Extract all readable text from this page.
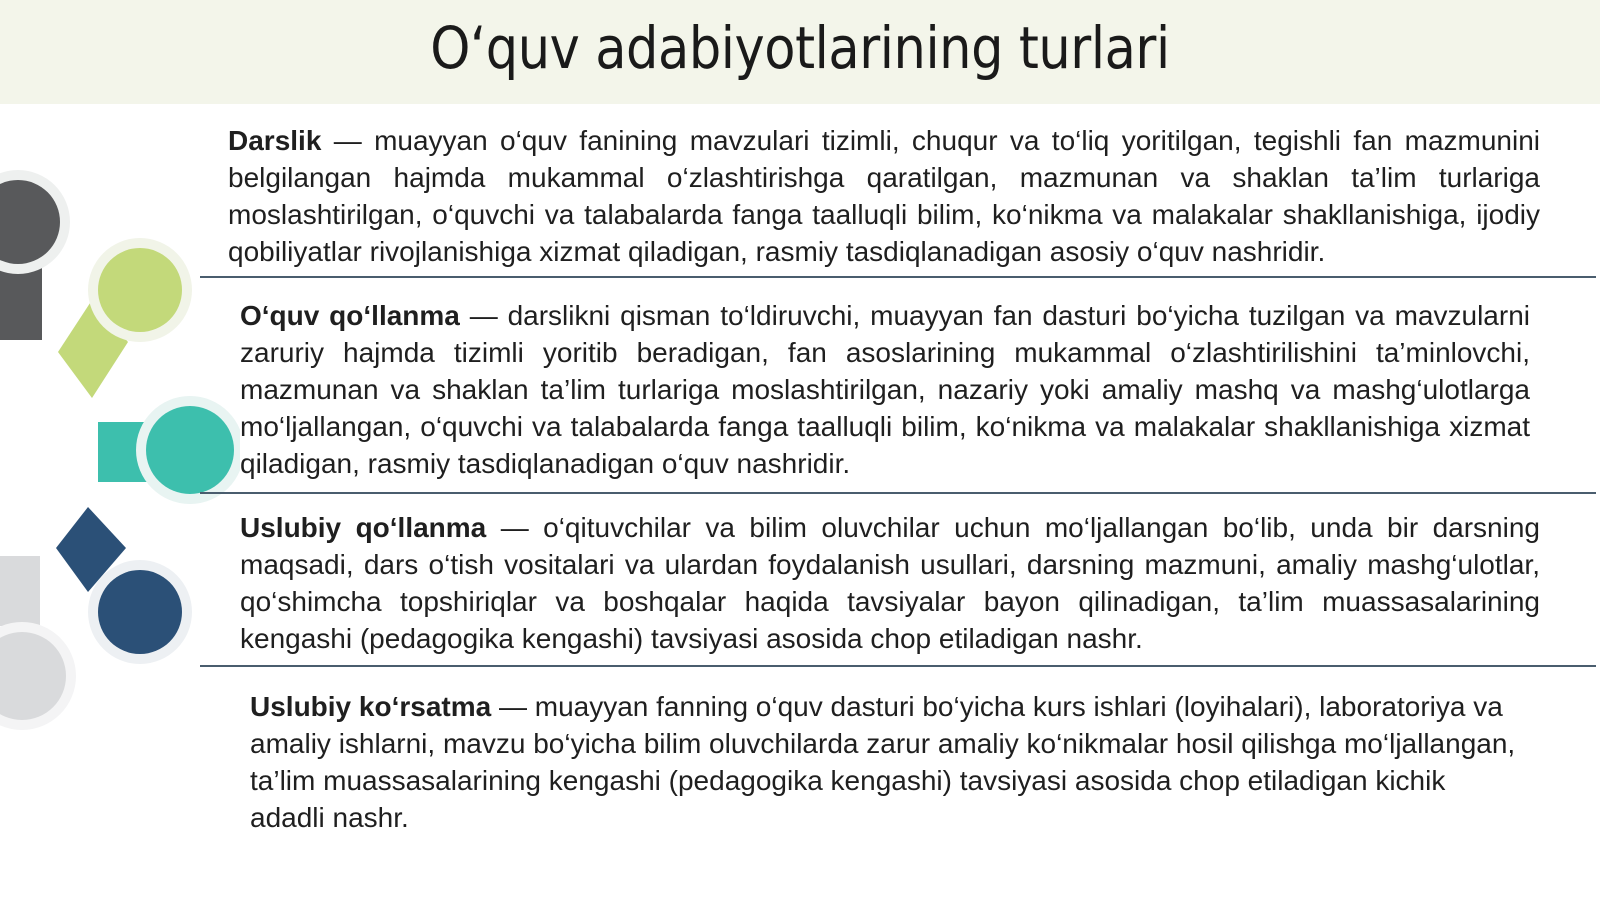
O‘quv adabiyotlarining turlari

Darslik — muayyan o‘quv fanining mavzulari tizimli, chuqur va to‘liq yoritilgan, tegishli fan mazmunini belgilangan hajmda mukammal o‘zlashtirishga qaratilgan, mazmunan va shaklan ta’lim turlariga moslashtirilgan, o‘quvchi va talabalarda fanga taalluqli bilim, ko‘nikma va malakalar shakllanishiga, ijodiy qobiliyatlar rivojlanishiga xizmat qiladigan, rasmiy tasdiqlanadigan asosiy o‘quv nashridir.

O‘quv qo‘llanma — darslikni qisman to‘ldiruvchi, muayyan fan dasturi bo‘yicha tuzilgan va mavzularni zaruriy hajmda tizimli yoritib beradigan, fan asoslarining mukammal o‘zlashtirilishini ta’minlovchi, mazmunan va shaklan ta’lim turlariga moslashtirilgan, nazariy yoki amaliy mashq va mashg‘ulotlarga mo‘ljallangan, o‘quvchi va talabalarda fanga taalluqli bilim, ko‘nikma va malakalar shakllanishiga xizmat qiladigan, rasmiy tasdiqlanadigan o‘quv nashridir.

Uslubiy qo‘llanma — o‘qituvchilar va bilim oluvchilar uchun mo‘ljallangan bo‘lib, unda bir darsning maqsadi, dars o‘tish vositalari va ulardan foydalanish usullari, darsning mazmuni, amaliy mashg‘ulotlar, qo‘shimcha topshiriqlar va boshqalar haqida tavsiyalar bayon qilinadigan, ta’lim muassasalarining kengashi (pedagogika kengashi) tavsiyasi asosida chop etiladigan nashr.

Uslubiy ko‘rsatma — muayyan fanning o‘quv dasturi bo‘yicha kurs ishlari (loyihalari), laboratoriya va amaliy ishlarni, mavzu bo‘yicha bilim oluvchilarda zarur amaliy ko‘nikmalar hosil qilishga mo‘ljallangan, ta’lim muassasalarining kengashi (pedagogika kengashi) tavsiyasi asosida chop etiladigan kichik adadli nashr.
